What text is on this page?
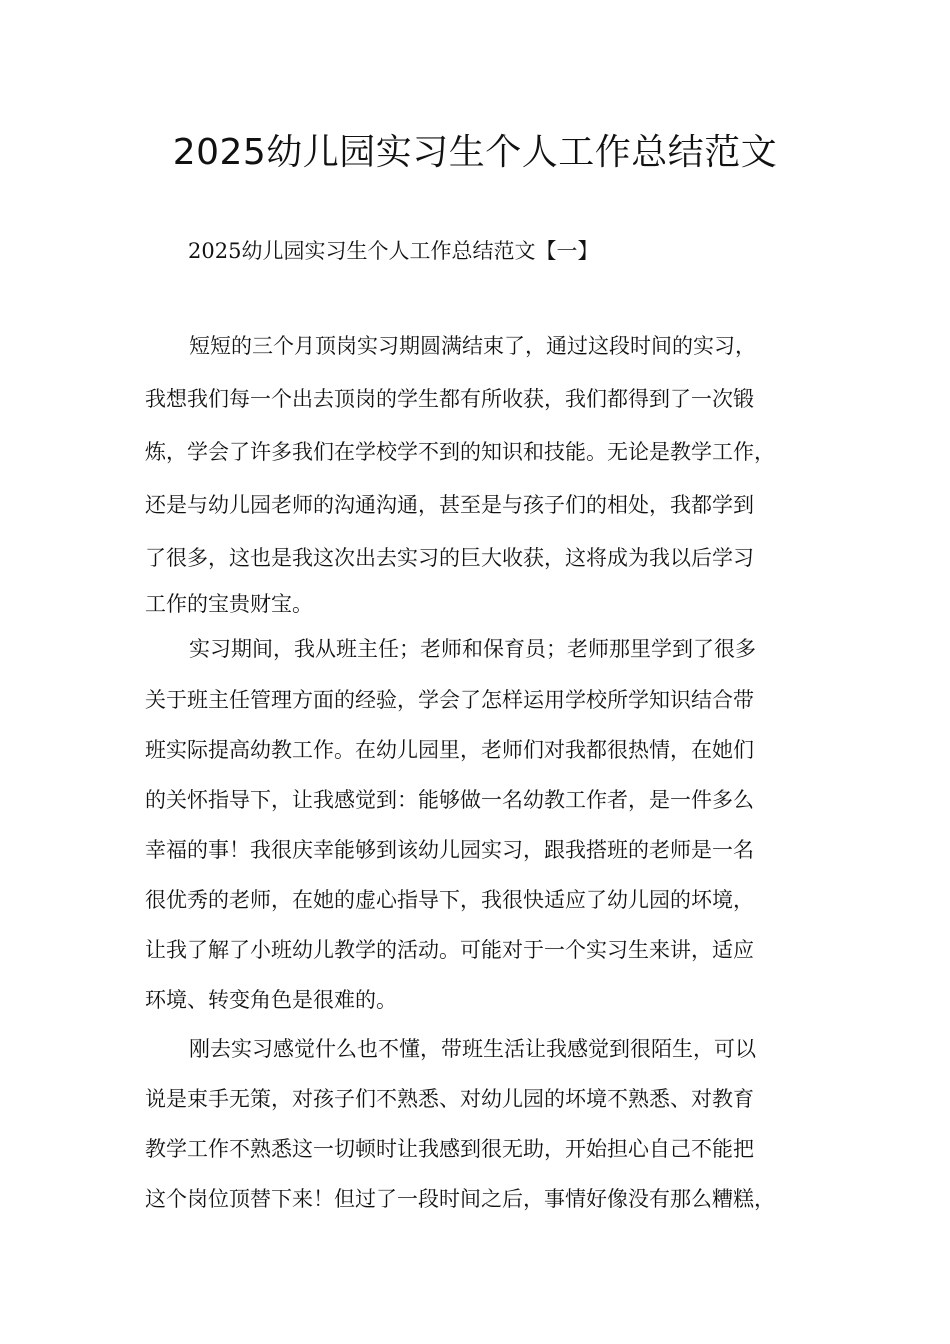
2025幼儿园实习生个人工作总结范文

2025幼儿园实习生个人工作总结范文【一】

短短的三个月顶岗实习期圆满结束了，通过这段时间的实习，
我想我们每一个出去顶岗的学生都有所收获，我们都得到了一次锻
炼，学会了许多我们在学校学不到的知识和技能。无论是教学工作，
还是与幼儿园老师的沟通沟通，甚至是与孩子们的相处，我都学到
了很多，这也是我这次出去实习的巨大收获，这将成为我以后学习
工作的宝贵财宝。
实习期间，我从班主任；老师和保育员；老师那里学到了很多
关于班主任管理方面的经验，学会了怎样运用学校所学知识结合带
班实际提高幼教工作。在幼儿园里，老师们对我都很热情，在她们
的关怀指导下，让我感觉到：能够做一名幼教工作者，是一件多么
幸福的事！我很庆幸能够到该幼儿园实习，跟我搭班的老师是一名
很优秀的老师，在她的虚心指导下，我很快适应了幼儿园的坏境，
让我了解了小班幼儿教学的活动。可能对于一个实习生来讲，适应
环境、转变角色是很难的。
刚去实习感觉什么也不懂，带班生活让我感觉到很陌生，可以
说是束手无策，对孩子们不熟悉、对幼儿园的坏境不熟悉、对教育
教学工作不熟悉这一切顿时让我感到很无助，开始担心自己不能把
这个岗位顶替下来！但过了一段时间之后，事情好像没有那么糟糕，
